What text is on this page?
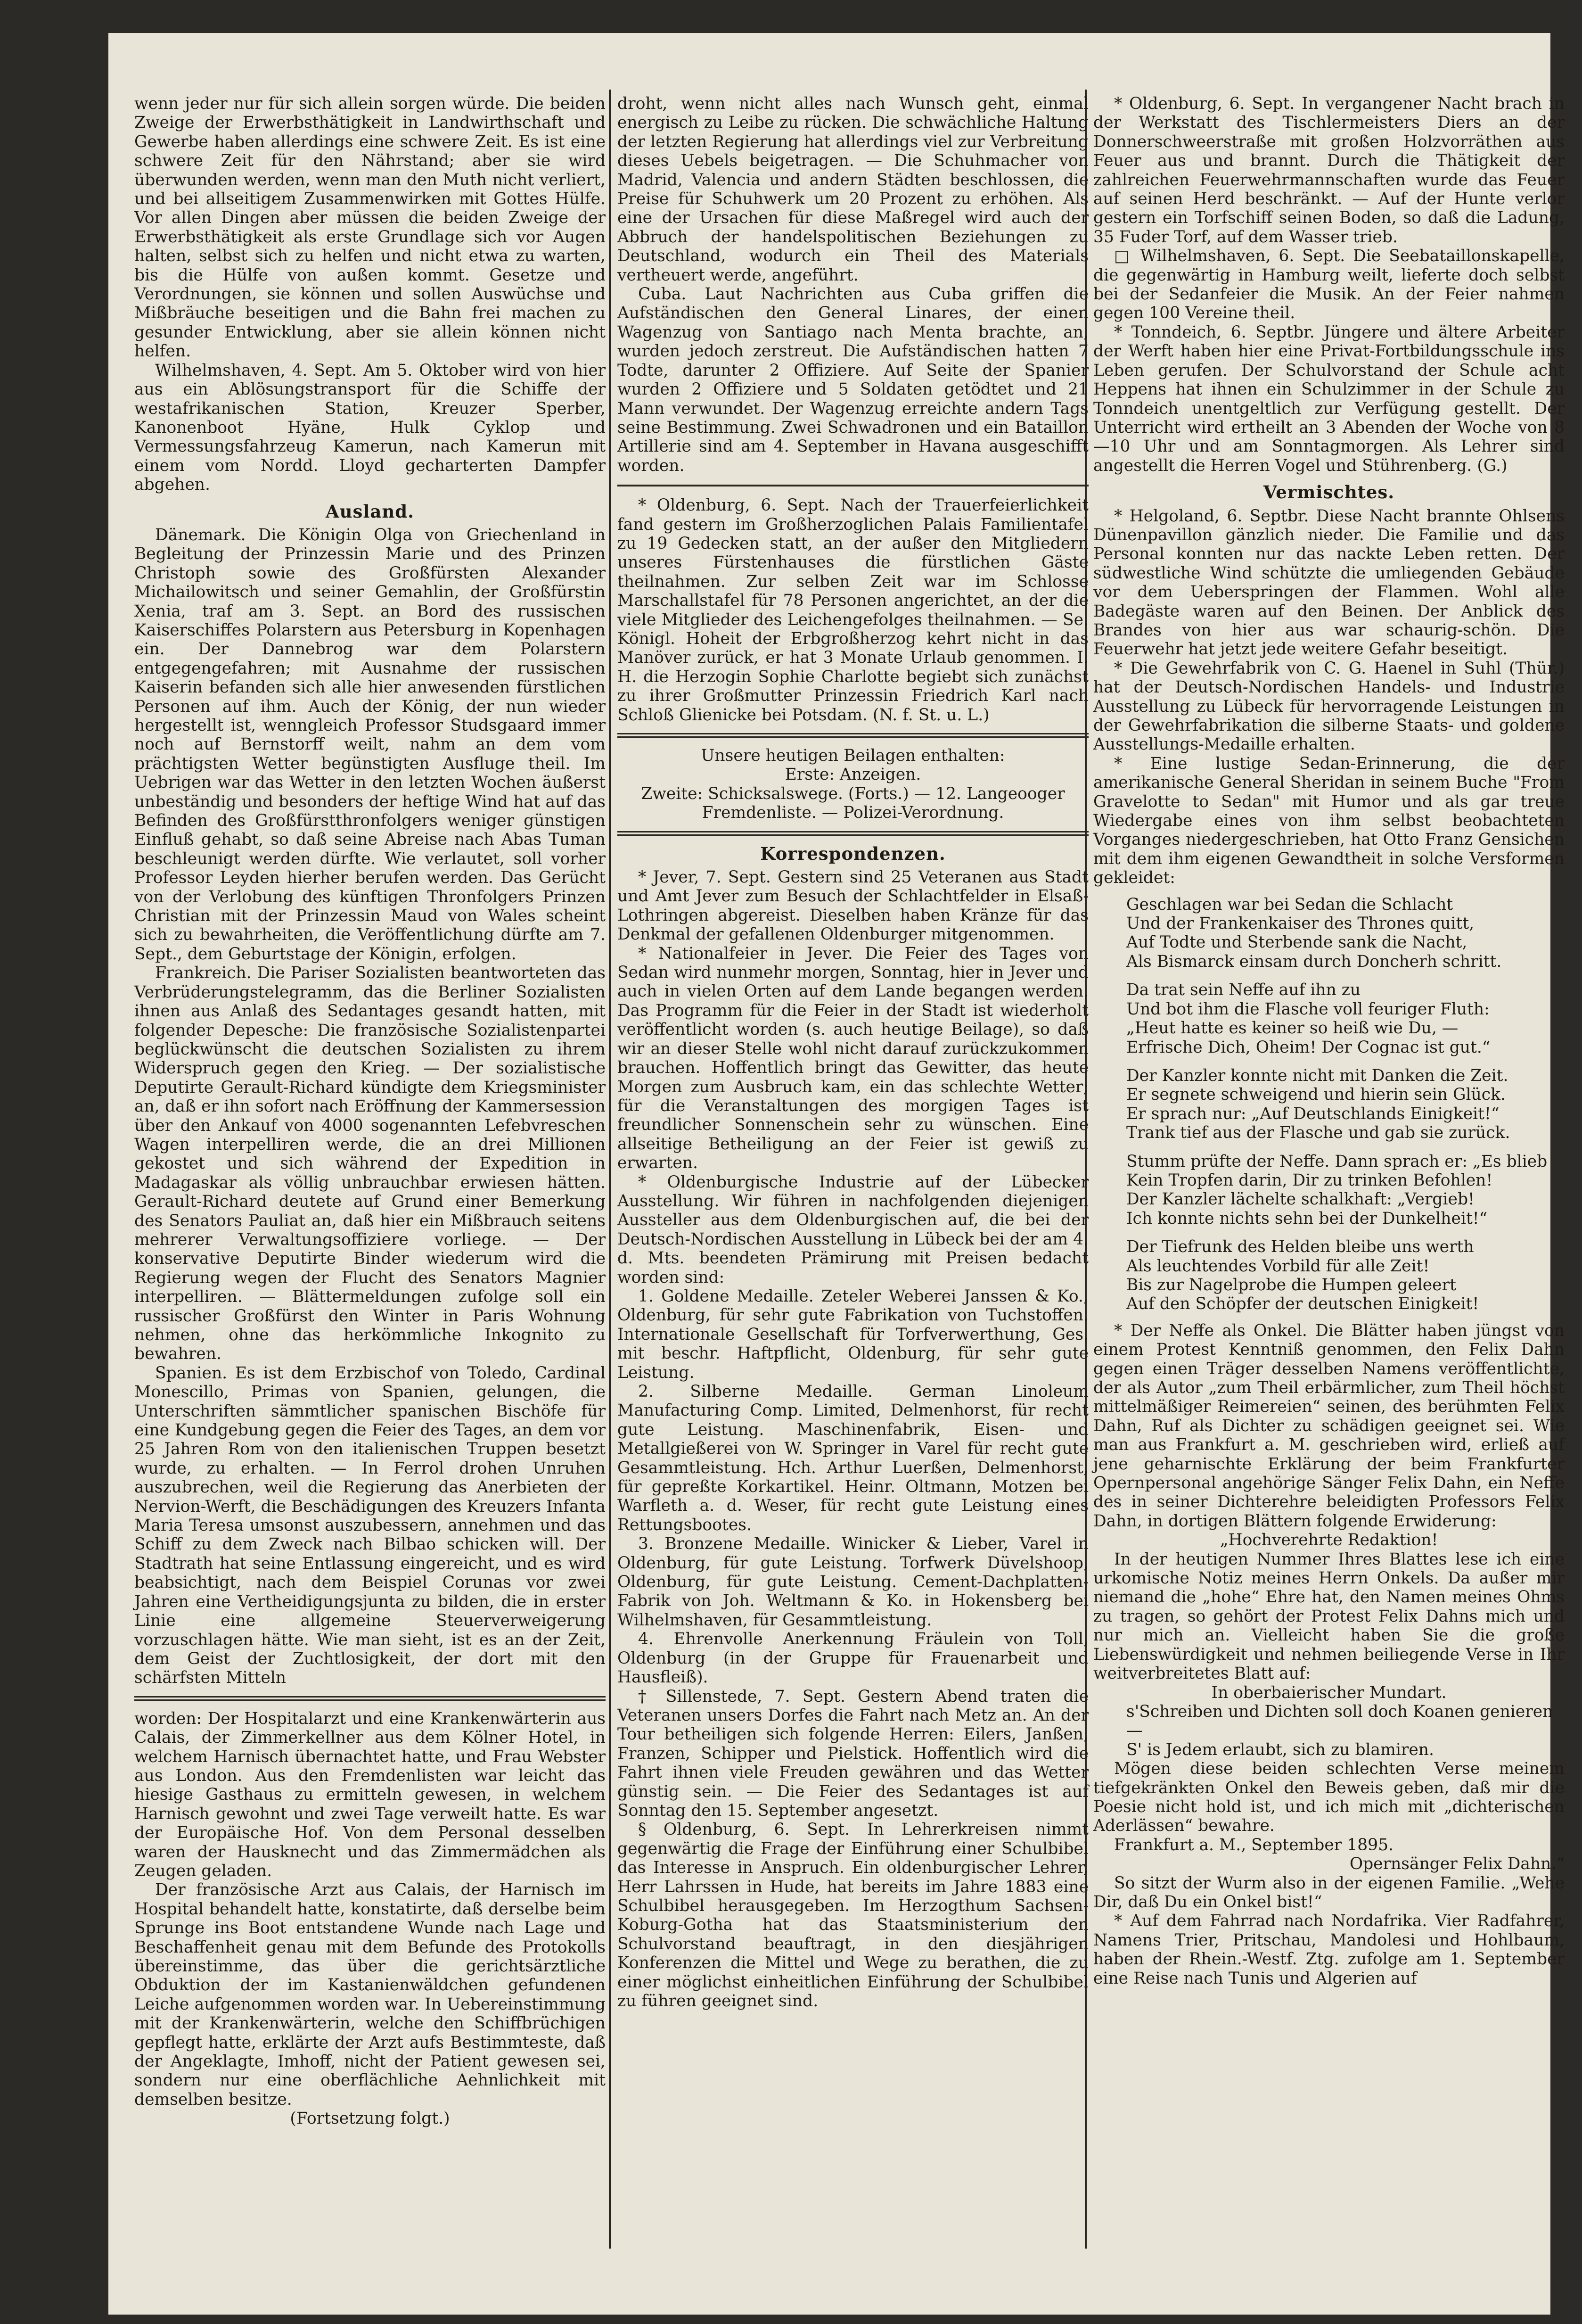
wenn jeder nur für sich allein sorgen würde. Die beiden Zweige der Erwerbsthätigkeit in Landwirthschaft und Gewerbe haben allerdings eine schwere Zeit. Es ist eine schwere Zeit für den Nährstand; aber sie wird überwunden werden, wenn man den Muth nicht verliert, und bei allseitigem Zusammenwirken mit Gottes Hülfe. Vor allen Dingen aber müssen die beiden Zweige der Erwerbsthätigkeit als erste Grundlage sich vor Augen halten, selbst sich zu helfen und nicht etwa zu warten, bis die Hülfe von außen kommt. Gesetze und Verordnungen, sie können und sollen Auswüchse und Mißbräuche beseitigen und die Bahn frei machen zu gesunder Entwicklung, aber sie allein können nicht helfen.

Wilhelmshaven, 4. Sept. Am 5. Oktober wird von hier aus ein Ablösungstransport für die Schiffe der westafrikanischen Station, Kreuzer Sperber, Kanonenboot Hyäne, Hulk Cyklop und Vermessungsfahrzeug Kamerun, nach Kamerun mit einem vom Nordd. Lloyd gecharterten Dampfer abgehen.

Ausland.

Dänemark. Die Königin Olga von Griechenland in Begleitung der Prinzessin Marie und des Prinzen Christoph sowie des Großfürsten Alexander Michailowitsch und seiner Gemahlin, der Großfürstin Xenia, traf am 3. Sept. an Bord des russischen Kaiserschiffes Polarstern aus Petersburg in Kopenhagen ein. Der Dannebrog war dem Polarstern entgegengefahren; mit Ausnahme der russischen Kaiserin befanden sich alle hier anwesenden fürstlichen Personen auf ihm. Auch der König, der nun wieder hergestellt ist, wenngleich Professor Studsgaard immer noch auf Bernstorff weilt, nahm an dem vom prächtigsten Wetter begünstigten Ausfluge theil. Im Uebrigen war das Wetter in den letzten Wochen äußerst unbeständig und besonders der heftige Wind hat auf das Befinden des Großfürstthronfolgers weniger günstigen Einfluß gehabt, so daß seine Abreise nach Abas Tuman beschleunigt werden dürfte. Wie verlautet, soll vorher Professor Leyden hierher berufen werden. Das Gerücht von der Verlobung des künftigen Thronfolgers Prinzen Christian mit der Prinzessin Maud von Wales scheint sich zu bewahrheiten, die Veröffentlichung dürfte am 7. Sept., dem Geburtstage der Königin, erfolgen.

Frankreich. Die Pariser Sozialisten beantworteten das Verbrüderungstelegramm, das die Berliner Sozialisten ihnen aus Anlaß des Sedantages gesandt hatten, mit folgender Depesche: Die französische Sozialistenpartei beglückwünscht die deutschen Sozialisten zu ihrem Widerspruch gegen den Krieg. — Der sozialistische Deputirte Gerault-Richard kündigte dem Kriegsminister an, daß er ihn sofort nach Eröffnung der Kammersession über den Ankauf von 4000 sogenannten Lefebvreschen Wagen interpelliren werde, die an drei Millionen gekostet und sich während der Expedition in Madagaskar als völlig unbrauchbar erwiesen hätten. Gerault-Richard deutete auf Grund einer Bemerkung des Senators Pauliat an, daß hier ein Mißbrauch seitens mehrerer Verwaltungsoffiziere vorliege. — Der konservative Deputirte Binder wiederum wird die Regierung wegen der Flucht des Senators Magnier interpelliren. — Blättermeldungen zufolge soll ein russischer Großfürst den Winter in Paris Wohnung nehmen, ohne das herkömmliche Inkognito zu bewahren.

Spanien. Es ist dem Erzbischof von Toledo, Cardinal Monescillo, Primas von Spanien, gelungen, die Unterschriften sämmtlicher spanischen Bischöfe für eine Kundgebung gegen die Feier des Tages, an dem vor 25 Jahren Rom von den italienischen Truppen besetzt wurde, zu erhalten. — In Ferrol drohen Unruhen auszubrechen, weil die Regierung das Anerbieten der Nervion-Werft, die Beschädigungen des Kreuzers Infanta Maria Teresa umsonst auszubessern, annehmen und das Schiff zu dem Zweck nach Bilbao schicken will. Der Stadtrath hat seine Entlassung eingereicht, und es wird beabsichtigt, nach dem Beispiel Corunas vor zwei Jahren eine Vertheidigungsjunta zu bilden, die in erster Linie eine allgemeine Steuerverweigerung vorzuschlagen hätte. Wie man sieht, ist es an der Zeit, dem Geist der Zuchtlosigkeit, der dort mit den schärfsten Mitteln

worden: Der Hospitalarzt und eine Krankenwärterin aus Calais, der Zimmerkellner aus dem Kölner Hotel, in welchem Harnisch übernachtet hatte, und Frau Webster aus London. Aus den Fremdenlisten war leicht das hiesige Gasthaus zu ermitteln gewesen, in welchem Harnisch gewohnt und zwei Tage verweilt hatte. Es war der Europäische Hof. Von dem Personal desselben waren der Hausknecht und das Zimmermädchen als Zeugen geladen.

Der französische Arzt aus Calais, der Harnisch im Hospital behandelt hatte, konstatirte, daß derselbe beim Sprunge ins Boot entstandene Wunde nach Lage und Beschaffenheit genau mit dem Befunde des Protokolls übereinstimme, das über die gerichtsärztliche Obduktion der im Kastanienwäldchen gefundenen Leiche aufgenommen worden war. In Uebereinstimmung mit der Krankenwärterin, welche den Schiffbrüchigen gepflegt hatte, erklärte der Arzt aufs Bestimmteste, daß der Angeklagte, Imhoff, nicht der Patient gewesen sei, sondern nur eine oberflächliche Aehnlichkeit mit demselben besitze.

(Fortsetzung folgt.)

droht, wenn nicht alles nach Wunsch geht, einmal energisch zu Leibe zu rücken. Die schwächliche Haltung der letzten Regierung hat allerdings viel zur Verbreitung dieses Uebels beigetragen. — Die Schuhmacher von Madrid, Valencia und andern Städten beschlossen, die Preise für Schuhwerk um 20 Prozent zu erhöhen. Als eine der Ursachen für diese Maßregel wird auch der Abbruch der handelspolitischen Beziehungen zu Deutschland, wodurch ein Theil des Materials vertheuert werde, angeführt.

Cuba. Laut Nachrichten aus Cuba griffen die Aufständischen den General Linares, der einen Wagenzug von Santiago nach Menta brachte, an, wurden jedoch zerstreut. Die Aufständischen hatten 7 Todte, darunter 2 Offiziere. Auf Seite der Spanier wurden 2 Offiziere und 5 Soldaten getödtet und 21 Mann verwundet. Der Wagenzug erreichte andern Tags seine Bestimmung. Zwei Schwadronen und ein Bataillon Artillerie sind am 4. September in Havana ausgeschifft worden.

* Oldenburg, 6. Sept. Nach der Trauerfeierlichkeit fand gestern im Großherzoglichen Palais Familientafel zu 19 Gedecken statt, an der außer den Mitgliedern unseres Fürstenhauses die fürstlichen Gäste theilnahmen. Zur selben Zeit war im Schlosse Marschallstafel für 78 Personen angerichtet, an der die viele Mitglieder des Leichengefolges theilnahmen. — Se. Königl. Hoheit der Erbgroßherzog kehrt nicht in das Manöver zurück, er hat 3 Monate Urlaub genommen. I. H. die Herzogin Sophie Charlotte begiebt sich zunächst zu ihrer Großmutter Prinzessin Friedrich Karl nach Schloß Glienicke bei Potsdam. (N. f. St. u. L.)

Unsere heutigen Beilagen enthalten:

Erste: Anzeigen.

Zweite: Schicksalswege. (Forts.) — 12. Langeooger Fremdenliste. — Polizei-Verordnung.

Korrespondenzen.

* Jever, 7. Sept. Gestern sind 25 Veteranen aus Stadt und Amt Jever zum Besuch der Schlachtfelder in Elsaß-Lothringen abgereist. Dieselben haben Kränze für das Denkmal der gefallenen Oldenburger mitgenommen.

* Nationalfeier in Jever. Die Feier des Tages von Sedan wird nunmehr morgen, Sonntag, hier in Jever und auch in vielen Orten auf dem Lande begangen werden. Das Programm für die Feier in der Stadt ist wiederholt veröffentlicht worden (s. auch heutige Beilage), so daß wir an dieser Stelle wohl nicht darauf zurückzukommen brauchen. Hoffentlich bringt das Gewitter, das heute Morgen zum Ausbruch kam, ein das schlechte Wetter; für die Veranstaltungen des morgigen Tages ist freundlicher Sonnenschein sehr zu wünschen. Eine allseitige Betheiligung an der Feier ist gewiß zu erwarten.

* Oldenburgische Industrie auf der Lübecker Ausstellung. Wir führen in nachfolgenden diejenigen Aussteller aus dem Oldenburgischen auf, die bei der Deutsch-Nordischen Ausstellung in Lübeck bei der am 4. d. Mts. beendeten Prämirung mit Preisen bedacht worden sind:

1. Goldene Medaille. Zeteler Weberei Janssen & Ko., Oldenburg, für sehr gute Fabrikation von Tuchstoffen. Internationale Gesellschaft für Torfverwerthung, Ges. mit beschr. Haftpflicht, Oldenburg, für sehr gute Leistung.

2. Silberne Medaille. German Linoleum Manufacturing Comp. Limited, Delmenhorst, für recht gute Leistung. Maschinenfabrik, Eisen- und Metallgießerei von W. Springer in Varel für recht gute Gesammtleistung. Hch. Arthur Luerßen, Delmenhorst, für gepreßte Korkartikel. Heinr. Oltmann, Motzen bei Warfleth a. d. Weser, für recht gute Leistung eines Rettungsbootes.

3. Bronzene Medaille. Winicker & Lieber, Varel in Oldenburg, für gute Leistung. Torfwerk Düvelshoop, Oldenburg, für gute Leistung. Cement-Dachplatten-Fabrik von Joh. Weltmann & Ko. in Hokensberg bei Wilhelmshaven, für Gesammtleistung.

4. Ehrenvolle Anerkennung Fräulein von Toll, Oldenburg (in der Gruppe für Frauenarbeit und Hausfleiß).

† Sillenstede, 7. Sept. Gestern Abend traten die Veteranen unsers Dorfes die Fahrt nach Metz an. An der Tour betheiligen sich folgende Herren: Eilers, Janßen, Franzen, Schipper und Pielstick. Hoffentlich wird die Fahrt ihnen viele Freuden gewähren und das Wetter günstig sein. — Die Feier des Sedantages ist auf Sonntag den 15. September angesetzt.

§ Oldenburg, 6. Sept. In Lehrerkreisen nimmt gegenwärtig die Frage der Einführung einer Schulbibel das Interesse in Anspruch. Ein oldenburgischer Lehrer, Herr Lahrssen in Hude, hat bereits im Jahre 1883 eine Schulbibel herausgegeben. Im Herzogthum Sachsen-Koburg-Gotha hat das Staatsministerium den Schulvorstand beauftragt, in den diesjährigen Konferenzen die Mittel und Wege zu berathen, die zu einer möglichst einheitlichen Einführung der Schulbibel zu führen geeignet sind.

* Oldenburg, 6. Sept. In vergangener Nacht brach in der Werkstatt des Tischlermeisters Diers an der Donnerschweerstraße mit großen Holzvorräthen aus Feuer aus und brannt. Durch die Thätigkeit der zahlreichen Feuerwehrmannschaften wurde das Feuer auf seinen Herd beschränkt. — Auf der Hunte verlor gestern ein Torfschiff seinen Boden, so daß die Ladung, 35 Fuder Torf, auf dem Wasser trieb.

□ Wilhelmshaven, 6. Sept. Die Seebataillonskapelle, die gegenwärtig in Hamburg weilt, lieferte doch selbst bei der Sedanfeier die Musik. An der Feier nahmen gegen 100 Vereine theil.

* Tonndeich, 6. Septbr. Jüngere und ältere Arbeiter der Werft haben hier eine Privat-Fortbildungsschule ins Leben gerufen. Der Schulvorstand der Schule acht Heppens hat ihnen ein Schulzimmer in der Schule zu Tonndeich unentgeltlich zur Verfügung gestellt. Der Unterricht wird ertheilt an 3 Abenden der Woche von 8—10 Uhr und am Sonntagmorgen. Als Lehrer sind angestellt die Herren Vogel und Stührenberg. (G.)

Vermischtes.

* Helgoland, 6. Septbr. Diese Nacht brannte Ohlsens Dünenpavillon gänzlich nieder. Die Familie und das Personal konnten nur das nackte Leben retten. Der südwestliche Wind schützte die umliegenden Gebäude vor dem Ueberspringen der Flammen. Wohl alle Badegäste waren auf den Beinen. Der Anblick des Brandes von hier aus war schaurig-schön. Die Feuerwehr hat jetzt jede weitere Gefahr beseitigt.

* Die Gewehrfabrik von C. G. Haenel in Suhl (Thür.) hat der Deutsch-Nordischen Handels- und Industrie Ausstellung zu Lübeck für hervorragende Leistungen in der Gewehrfabrikation die silberne Staats- und goldene Ausstellungs-Medaille erhalten.

* Eine lustige Sedan-Erinnerung, die der amerikanische General Sheridan in seinem Buche "From Gravelotte to Sedan" mit Humor und als gar treue Wiedergabe eines von ihm selbst beobachteten Vorganges niedergeschrieben, hat Otto Franz Gensichen mit dem ihm eigenen Gewandtheit in solche Versformen gekleidet:

Geschlagen war bei Sedan die Schlacht

Und der Frankenkaiser des Thrones quitt,

Auf Todte und Sterbende sank die Nacht,

Als Bismarck einsam durch Doncherh schritt.

Da trat sein Neffe auf ihn zu

Und bot ihm die Flasche voll feuriger Fluth:

„Heut hatte es keiner so heiß wie Du, —

Erfrische Dich, Oheim! Der Cognac ist gut.“

Der Kanzler konnte nicht mit Danken die Zeit.

Er segnete schweigend und hierin sein Glück.

Er sprach nur: „Auf Deutschlands Einigkeit!“

Trank tief aus der Flasche und gab sie zurück.

Stumm prüfte der Neffe. Dann sprach er: „Es blieb

Kein Tropfen darin, Dir zu trinken Befohlen!

Der Kanzler lächelte schalkhaft: „Vergieb!

Ich konnte nichts sehn bei der Dunkelheit!“

Der Tiefrunk des Helden bleibe uns werth

Als leuchtendes Vorbild für alle Zeit!

Bis zur Nagelprobe die Humpen geleert

Auf den Schöpfer der deutschen Einigkeit!

* Der Neffe als Onkel. Die Blätter haben jüngst von einem Protest Kenntniß genommen, den Felix Dahn gegen einen Träger desselben Namens veröffentlichte, der als Autor „zum Theil erbärmlicher, zum Theil höchst mittelmäßiger Reimereien“ seinen, des berühmten Felix Dahn, Ruf als Dichter zu schädigen geeignet sei. Wie man aus Frankfurt a. M. geschrieben wird, erließ auf jene geharnischte Erklärung der beim Frankfurter Opernpersonal angehörige Sänger Felix Dahn, ein Neffe des in seiner Dichterehre beleidigten Professors Felix Dahn, in dortigen Blättern folgende Erwiderung:

„Hochverehrte Redaktion!

In der heutigen Nummer Ihres Blattes lese ich eine urkomische Notiz meines Herrn Onkels. Da außer mir niemand die „hohe“ Ehre hat, den Namen meines Ohms zu tragen, so gehört der Protest Felix Dahns mich und nur mich an. Vielleicht haben Sie die große Liebenswürdigkeit und nehmen beiliegende Verse in Ihr weitverbreitetes Blatt auf:

In oberbaierischer Mundart.

s'Schreiben und Dichten soll doch Koanen genieren —

S' is Jedem erlaubt, sich zu blamiren.

Mögen diese beiden schlechten Verse meinem tiefgekränkten Onkel den Beweis geben, daß mir die Poesie nicht hold ist, und ich mich mit „dichterischen Aderlässen“ bewahre.

Frankfurt a. M., September 1895.

Opernsänger Felix Dahn.“

So sitzt der Wurm also in der eigenen Familie. „Wehe Dir, daß Du ein Onkel bist!“

* Auf dem Fahrrad nach Nordafrika. Vier Radfahrer, Namens Trier, Pritschau, Mandolesi und Hohlbaum, haben der Rhein.-Westf. Ztg. zufolge am 1. September eine Reise nach Tunis und Algerien auf
